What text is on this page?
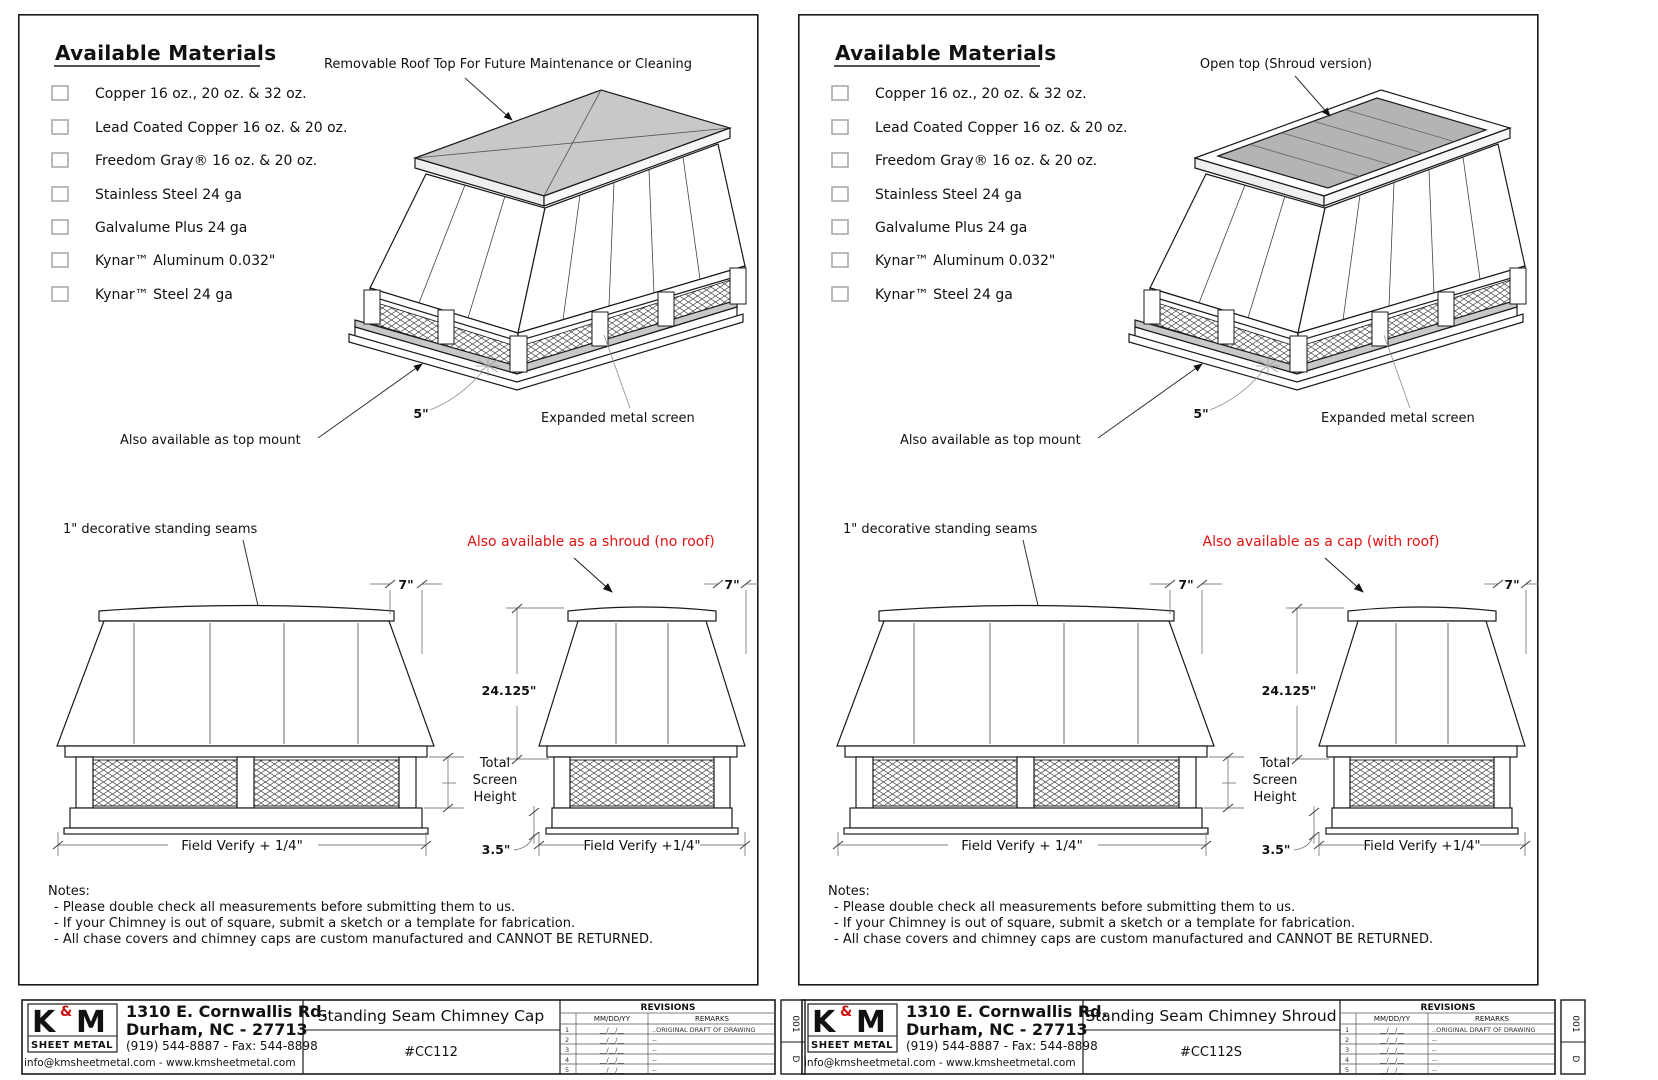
Available Materials
Copper 16 oz., 20 oz. & 32 oz.
Lead Coated Copper 16 oz. & 20 oz.
Freedom Gray® 16 oz. & 20 oz.
Stainless Steel 24 ga
Galvalume Plus 24 ga
Kynar™ Aluminum 0.032"
Kynar™ Steel 24 ga
Removable Roof Top For Future Maintenance or Cleaning
Expanded metal screen
5"
Also available as top mount
1" decorative standing seams
Also available as a shroud (no roof)
7"	7"
24.125"
Total
Screen
Height
3.5"
Field Verify + 1/4"	Field Verify +1/4"
Notes:
- Please double check all measurements before submitting them to us.
- If your Chimney is out of square, submit a sketch or a template for fabrication.
- All chase covers and chimney caps are custom manufactured and CANNOT BE RETURNED.
K & M
SHEET METAL
info@kmsheetmetal.com - www.kmsheetmetal.com
1310 E. Cornwallis Rd.
Durham, NC - 27713
(919) 544-8887 - Fax: 544-8898
Standing Seam Chimney Cap
#CC112
REVISIONS
MM/DD/YY	REMARKS
1	__/__/__	..ORIGINAL DRAFT OF DRAWING
2	__/__/__	--
3	__/__/__	--
4	__/__/__	--
5	__/__/__	--
001
D
Available Materials
Copper 16 oz., 20 oz. & 32 oz.
Lead Coated Copper 16 oz. & 20 oz.
Freedom Gray® 16 oz. & 20 oz.
Stainless Steel 24 ga
Galvalume Plus 24 ga
Kynar™ Aluminum 0.032"
Kynar™ Steel 24 ga
Open top (Shroud version)
Expanded metal screen
5"
Also available as top mount
1" decorative standing seams
Also available as a cap (with roof)
7"	7"
24.125"
Total
Screen
Height
3.5"
Field Verify + 1/4"	Field Verify +1/4"
Notes:
- Please double check all measurements before submitting them to us.
- If your Chimney is out of square, submit a sketch or a template for fabrication.
- All chase covers and chimney caps are custom manufactured and CANNOT BE RETURNED.
K & M
SHEET METAL
info@kmsheetmetal.com - www.kmsheetmetal.com
1310 E. Cornwallis Rd.
Durham, NC - 27713
(919) 544-8887 - Fax: 544-8898
Standing Seam Chimney Shroud
#CC112S
REVISIONS
MM/DD/YY	REMARKS
1	__/__/__	..ORIGINAL DRAFT OF DRAWING
2	__/__/__	--
3	__/__/__	--
4	__/__/__	--
5	__/__/__	--
001
D
